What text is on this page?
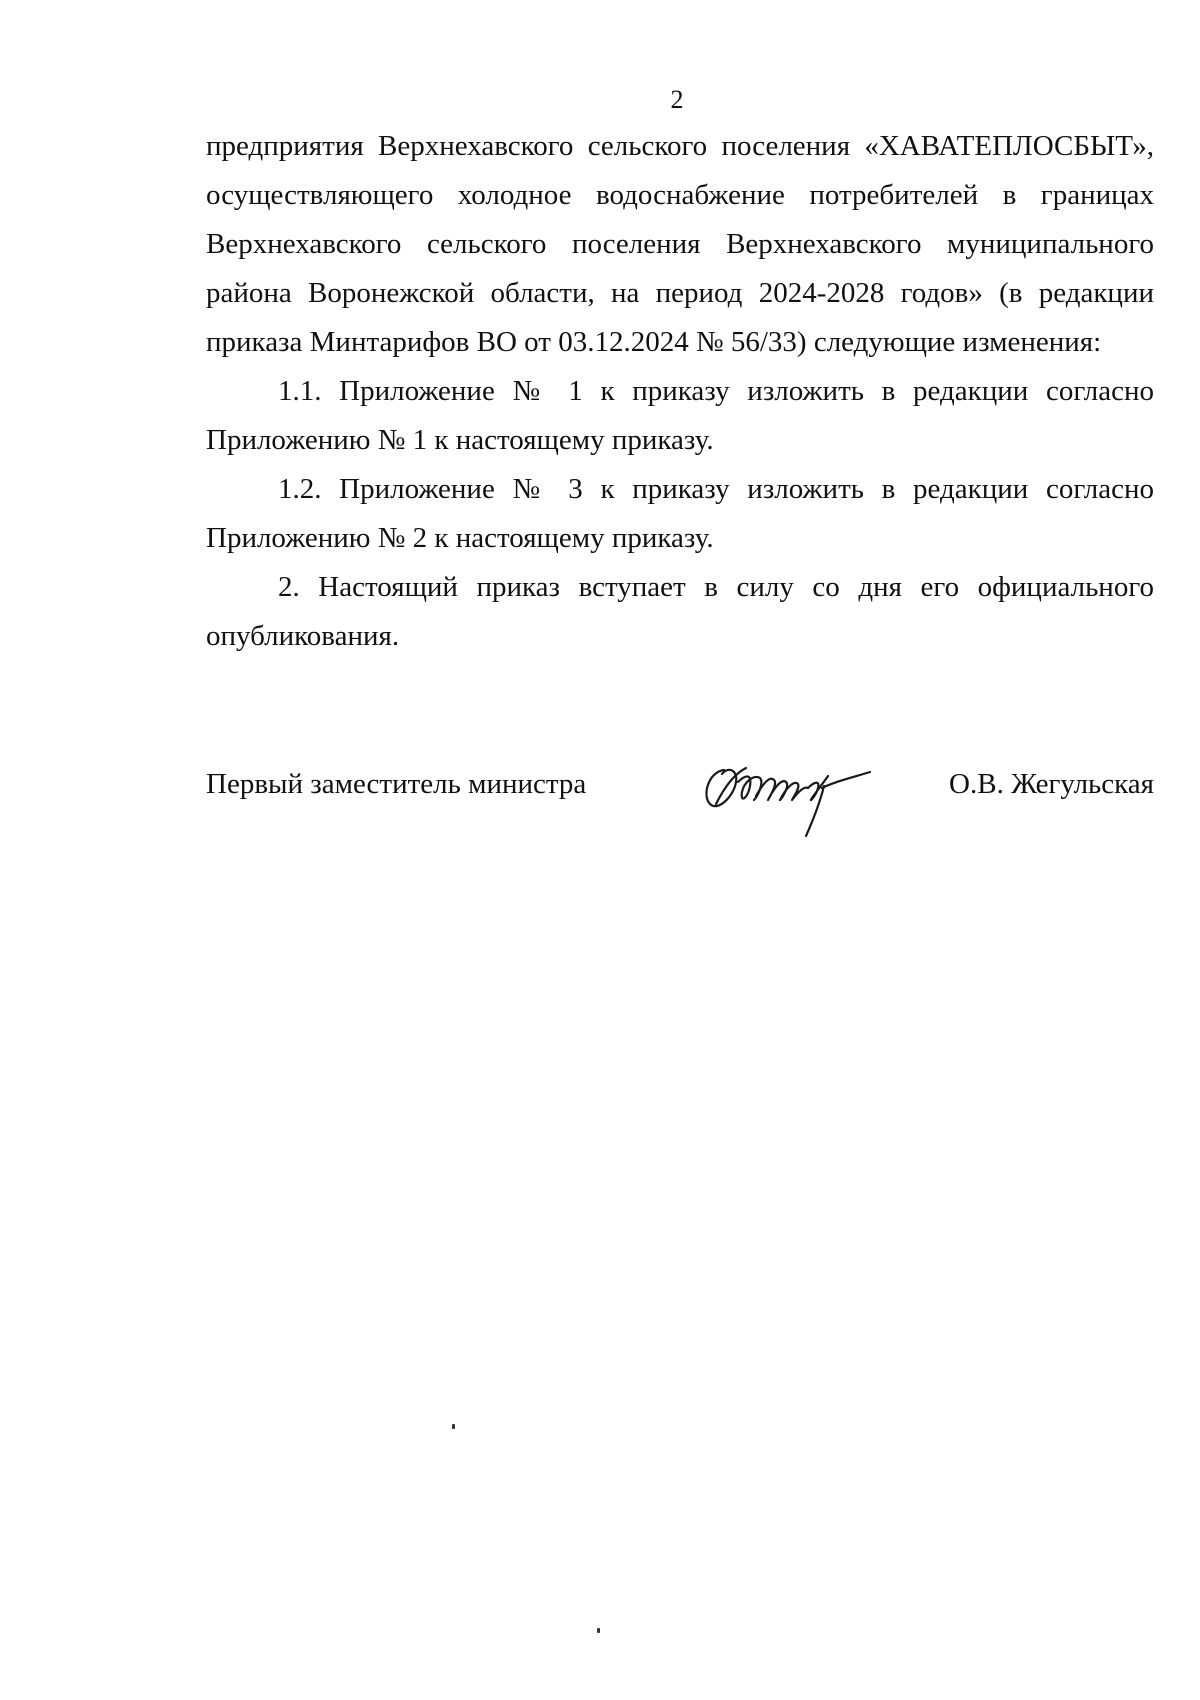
2

предприятия Верхнехавского сельского поселения «ХАВАТЕПЛОСБЫТ»,
осуществляющего холодное водоснабжение потребителей в границах
Верхнехавского сельского поселения Верхнехавского муниципального
района Воронежской области, на период 2024-2028 годов» (в редакции
приказа Минтарифов ВО от 03.12.2024 № 56/33) следующие изменения:

1.1. Приложение № 1 к приказу изложить в редакции согласно
Приложению № 1 к настоящему приказу.

1.2. Приложение № 3 к приказу изложить в редакции согласно
Приложению № 2 к настоящему приказу.

2. Настоящий приказ вступает в силу со дня его официального
опубликования.

Первый заместитель министра	О.В. Жегульская
